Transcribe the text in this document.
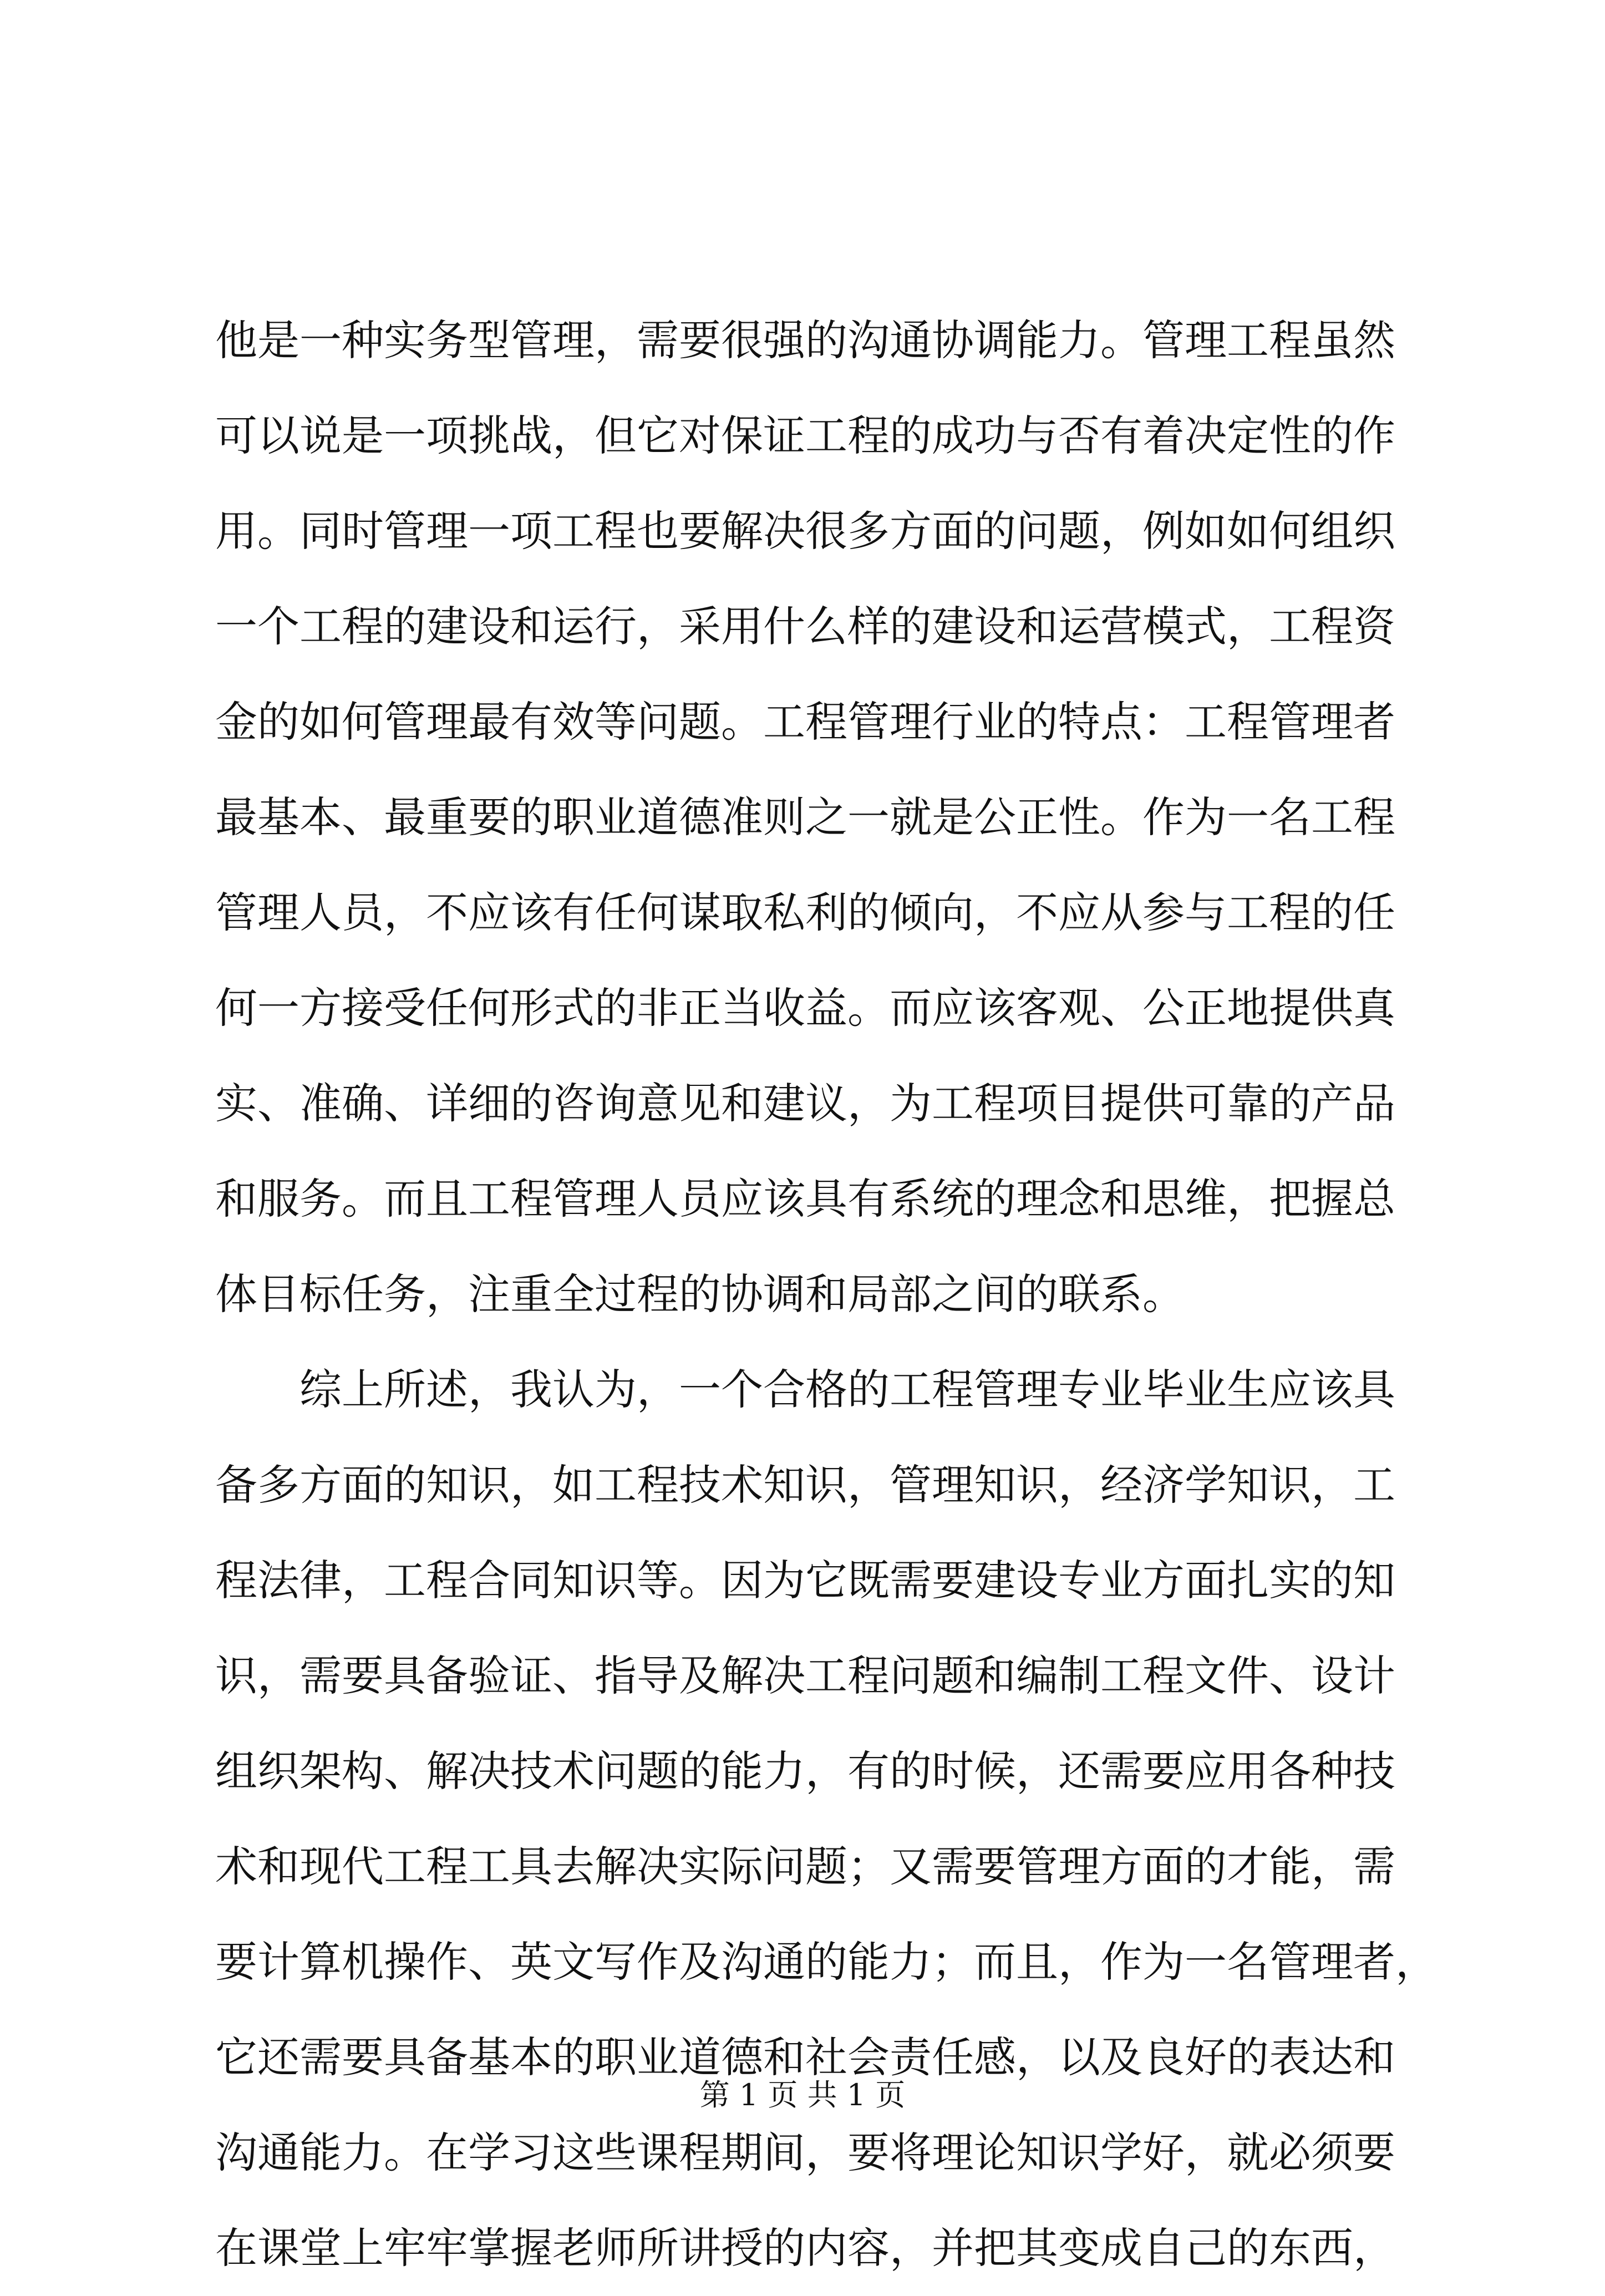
他是一种实务型管理，需要很强的沟通协调能力。管理工程虽然
可以说是一项挑战，但它对保证工程的成功与否有着决定性的作
用。同时管理一项工程也要解决很多方面的问题，例如如何组织
一个工程的建设和运行，采用什么样的建设和运营模式，工程资
金的如何管理最有效等问题。工程管理行业的特点：工程管理者
最基本、最重要的职业道德准则之一就是公正性。作为一名工程
管理人员，不应该有任何谋取私利的倾向，不应从参与工程的任
何一方接受任何形式的非正当收益。而应该客观、公正地提供真
实、准确、详细的咨询意见和建议，为工程项目提供可靠的产品
和服务。而且工程管理人员应该具有系统的理念和思维，把握总
体目标任务，注重全过程的协调和局部之间的联系。
综上所述，我认为，一个合格的工程管理专业毕业生应该具
备多方面的知识，如工程技术知识，管理知识，经济学知识，工
程法律，工程合同知识等。因为它既需要建设专业方面扎实的知
识，需要具备验证、指导及解决工程问题和编制工程文件、设计
组织架构、解决技术问题的能力，有的时候，还需要应用各种技
术和现代工程工具去解决实际问题；又需要管理方面的才能，需
要计算机操作、英文写作及沟通的能力；而且，作为一名管理者，
它还需要具备基本的职业道德和社会责任感，以及良好的表达和
沟通能力。在学习这些课程期间，要将理论知识学好，就必须要
在课堂上牢牢掌握老师所讲授的内容，并把其变成自己的东西，
第 1 页 共 1 页
